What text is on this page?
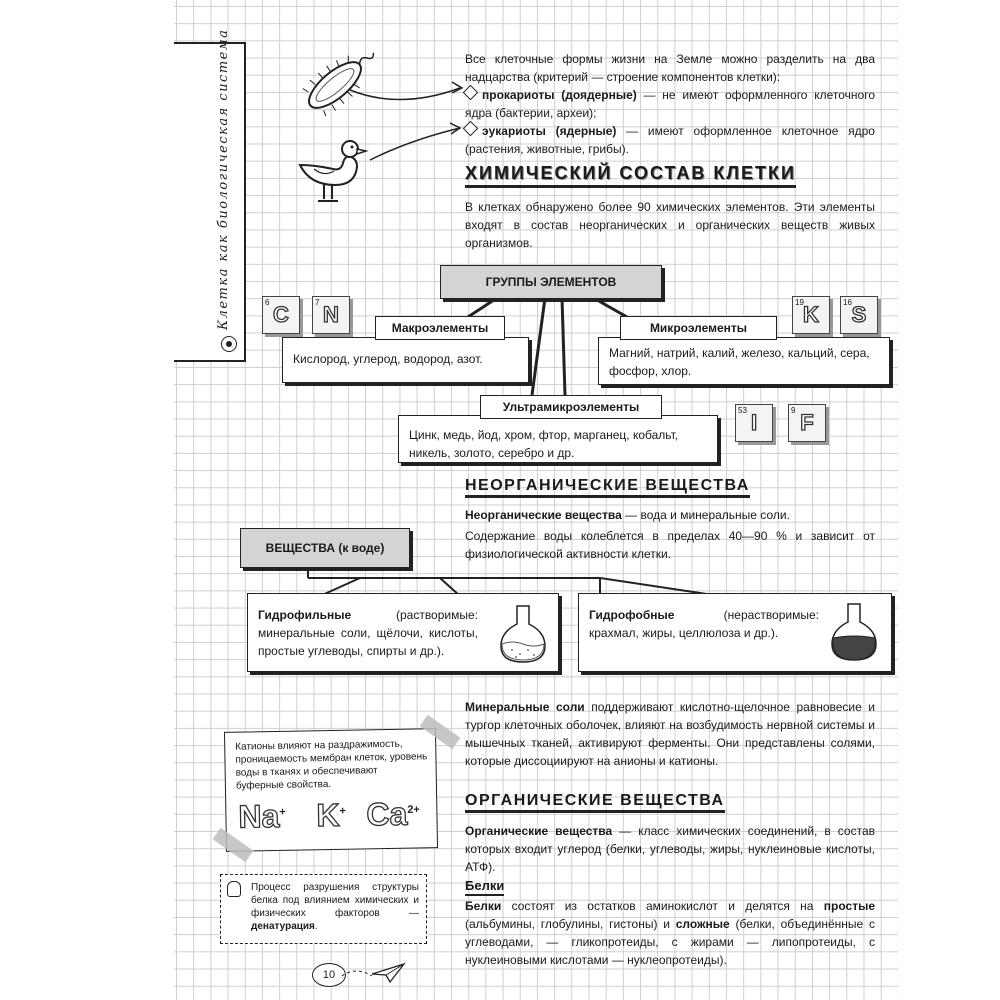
Клетка как биологическая система	Все клеточные формы жизни на Земле можно разделить на два надцарства (критерий — строение компонентов клетки):
прокариоты (доядерные) — не имеют оформленного клеточного ядра (бактерии, археи);
эукариоты (ядерные) — имеют оформленное клеточное ядро (растения, животные, грибы).
ХИМИЧЕСКИЙ СОСТАВ КЛЕТКИ
В клетках обнаружено более 90 химических элементов. Эти элементы входят в состав неорганических и органических веществ живых организмов.
ГРУППЫ ЭЛЕМЕНТОВ
Кислород, углерод, водород, азот.
Макроэлементы
Магний, натрий, калий, железо, кальций, сера, фосфор, хлор.
Микроэлементы
Цинк, медь, йод, хром, фтор, марганец, кобальт, никель, золото, серебро и др.
Ультрамикроэлементы
6 C	7 N	19 K	16 S
53 I	9 F
НЕОРГАНИЧЕСКИЕ ВЕЩЕСТВА
Неорганические вещества — вода и минеральные соли.
Содержание воды колеблется в пределах 40—90 % и зависит от физиологической активности клетки.
ВЕЩЕСТВА (к воде)
Гидрофильные (растворимые: минеральные соли, щёлочи, кислоты, простые углеводы, спирты и др.).
Гидрофобные (нерастворимые: крахмал, жиры, целлюлоза и др.).
Минеральные соли поддерживают кислотно-щелочное равновесие и тургор клеточных оболочек, влияют на возбудимость нервной системы и мышечных тканей, активируют ферменты. Они представлены солями, которые диссоциируют на анионы и катионы.
Катионы влияют на раздражимость, проницаемость мембран клеток, уровень воды в тканях и обеспечивают буферные свойства.
Na+ K+ $Ca^{2+}$
ОРГАНИЧЕСКИЕ ВЕЩЕСТВА
Органические вещества — класс химических соединений, в состав которых входит углерод (белки, углеводы, жиры, нуклеиновые кислоты, АТФ).
Белки
Белки состоят из остатков аминокислот и делятся на простые (альбумины, глобулины, гистоны) и сложные (белки, объединённые с углеводами, — гликопротеиды, с жирами — липопротеиды, с нуклеиновыми кислотами — нуклеопротеиды).
Процесс разрушения структуры белка под влиянием химических и физических факторов — денатурация.
10
